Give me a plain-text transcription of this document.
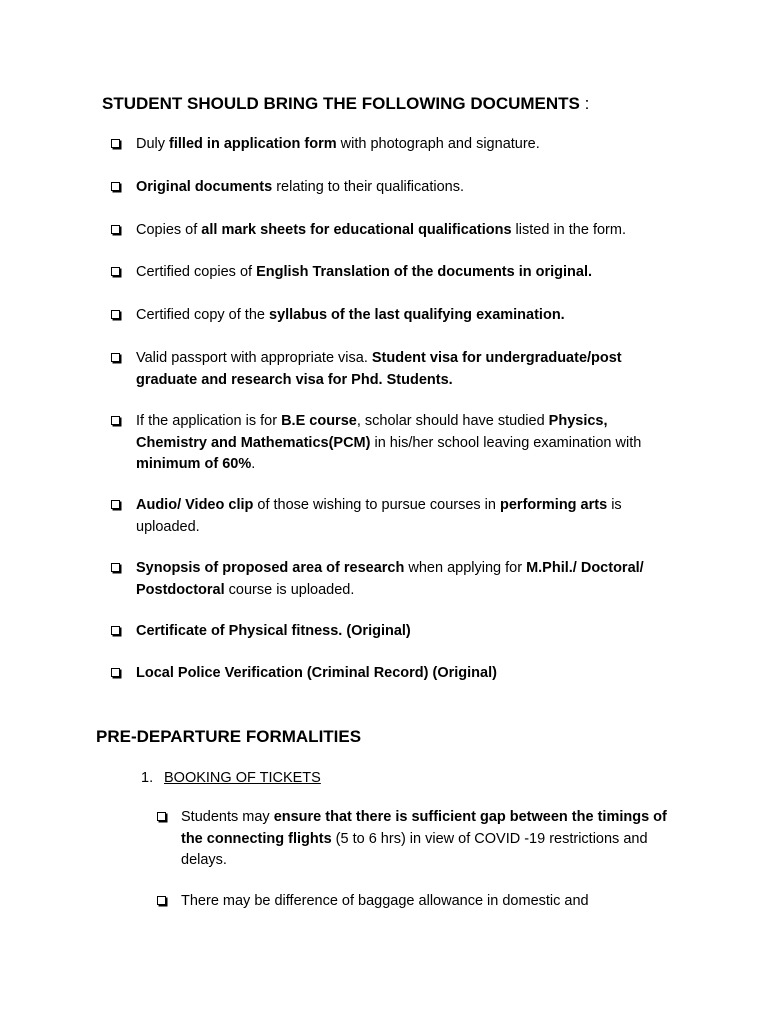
STUDENT SHOULD BRING THE FOLLOWING DOCUMENTS :
Duly filled in application form with photograph and signature.
Original documents relating to their qualifications.
Copies of all mark sheets for educational qualifications listed in the form.
Certified copies of English Translation of the documents in original.
Certified copy of the syllabus of the last qualifying examination.
Valid passport with appropriate visa. Student visa for undergraduate/post graduate and research visa for Phd. Students.
If the application is for B.E course, scholar should have studied Physics, Chemistry and Mathematics(PCM) in his/her school leaving examination with minimum of 60%.
Audio/ Video clip of those wishing to pursue courses in performing arts is uploaded.
Synopsis of proposed area of research when applying for M.Phil./ Doctoral/ Postdoctoral course is uploaded.
Certificate of Physical fitness. (Original)
Local Police Verification (Criminal Record) (Original)
PRE-DEPARTURE FORMALITIES
1. BOOKING OF TICKETS
Students may ensure that there is sufficient gap between the timings of the connecting flights (5 to 6 hrs) in view of COVID -19 restrictions and delays.
There may be difference of baggage allowance in domestic and
